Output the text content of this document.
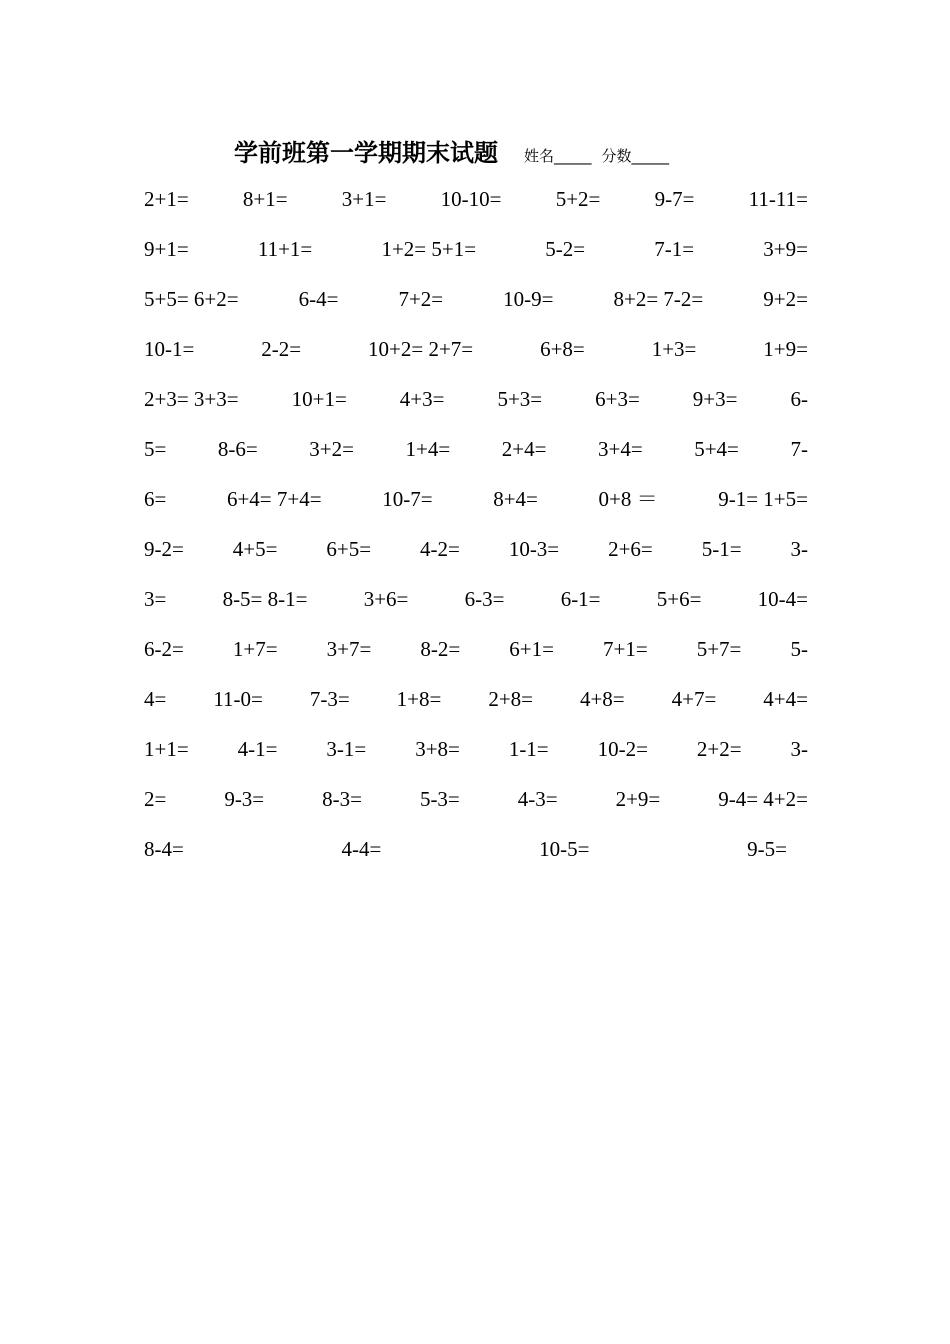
学前班第一学期期末试题 姓名_____ 分数_____
2+1=	8+1=	3+1=	10-10=	5+2=	9-7=	11-11=
9+1=	11+1=	1+2= 5+1=	5-2=	7-1=	3+9=
5+5= 6+2=	6-4=	7+2=	10-9=	8+2= 7-2=	9+2=
10-1=	2-2=	10+2= 2+7=	6+8=	1+3=	1+9=
2+3= 3+3=	10+1=	4+3=	5+3=	6+3=	9+3=	6-
5= 8-6= 3+2= 1+4= 2+4= 3+4= 5+4= 7-
6=	6+4= 7+4=	10-7=	8+4=	0+8 ＝	9-1= 1+5=
9-2= 4+5= 6+5= 4-2= 10-3= 2+6= 5-1= 3-
3=	8-5= 8-1=	3+6=	6-3=	6-1=	5+6=	10-4=
6-2= 1+7= 3+7= 8-2= 6+1= 7+1= 5+7= 5-
4= 11-0= 7-3= 1+8= 2+8= 4+8= 4+7= 4+4=
1+1= 4-1= 3-1= 3+8= 1-1= 10-2= 2+2= 3-
2=	9-3=	8-3=	5-3=	4-3=	2+9=	9-4= 4+2=
8-4=	4-4=	10-5=	9-5=
